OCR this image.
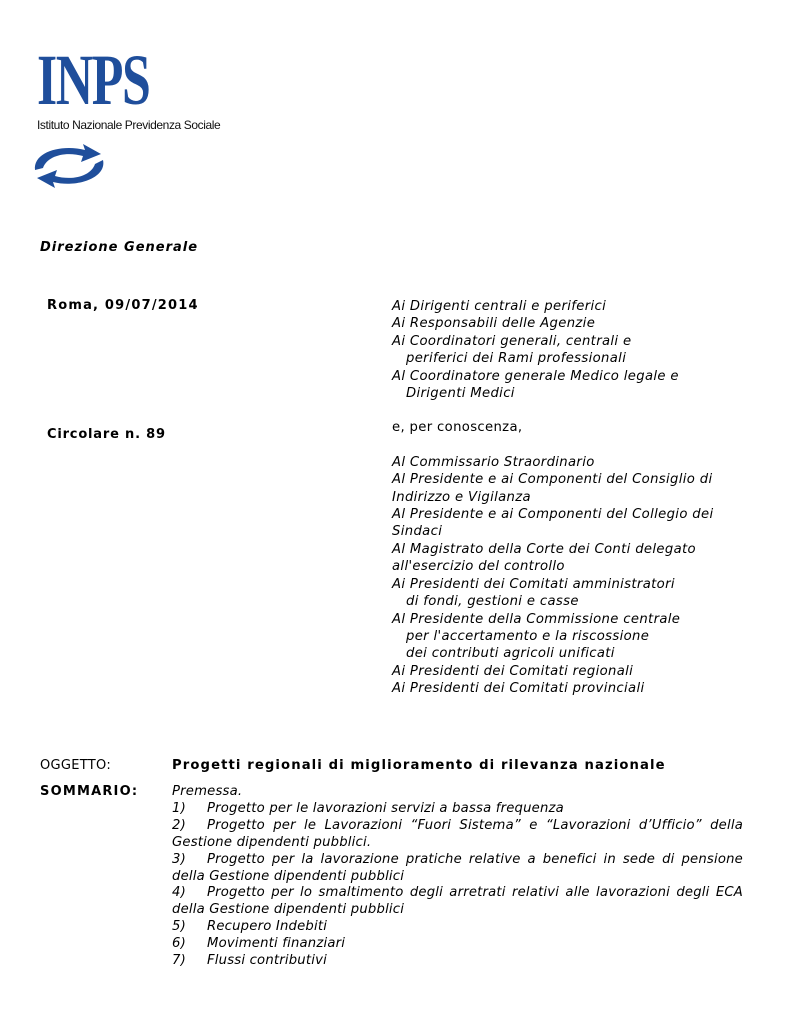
INPS
Istituto Nazionale Previdenza Sociale
Direzione Generale
Roma, 09/07/2014
Circolare n. 89
Ai Dirigenti centrali e periferici
Ai Responsabili delle Agenzie
Ai Coordinatori generali, centrali e
periferici dei Rami professionali
Al Coordinatore generale Medico legale e
Dirigenti Medici
e, per conoscenza,
Al Commissario Straordinario
Al Presidente e ai Componenti del Consiglio di
Indirizzo e Vigilanza
Al Presidente e ai Componenti del Collegio dei
Sindaci
Al Magistrato della Corte dei Conti delegato
all'esercizio del controllo
Ai Presidenti dei Comitati amministratori
di fondi, gestioni e casse
Al Presidente della Commissione centrale
per l'accertamento e la riscossione
dei contributi agricoli unificati
Ai Presidenti dei Comitati regionali
Ai Presidenti dei Comitati provinciali
OGGETTO:	Progetti regionali di miglioramento di rilevanza nazionale
SOMMARIO:	Premessa.
1) Progetto per le lavorazioni servizi a bassa frequenza
2) Progetto per le Lavorazioni “Fuori Sistema” e “Lavorazioni d’Ufficio” della Gestione dipendenti pubblici.
3) Progetto per la lavorazione pratiche relative a benefici in sede di pensione della Gestione dipendenti pubblici
4) Progetto per lo smaltimento degli arretrati relativi alle lavorazioni degli ECA della Gestione dipendenti pubblici
5) Recupero Indebiti
6) Movimenti finanziari
7) Flussi contributivi
